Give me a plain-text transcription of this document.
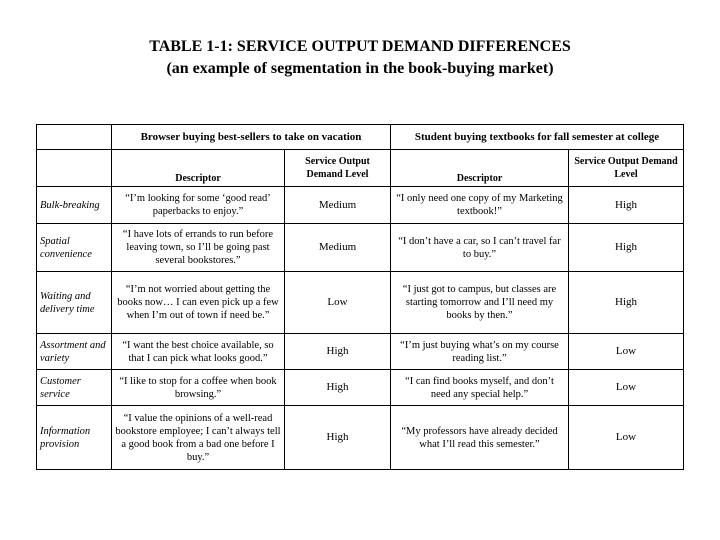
TABLE 1-1: SERVICE OUTPUT DEMAND DIFFERENCES
(an example of segmentation in the book-buying market)
	Browser buying best-sellers to take on vacation		Student buying textbooks for fall semester at college	
	Descriptor	Service Output Demand Level	Descriptor	Service Output Demand Level
Bulk-breaking	“I’m looking for some ‘good read’ paperbacks to enjoy.”	Medium	“I only need one copy of my Marketing textbook!”	High
Spatial convenience	“I have lots of errands to run before leaving town, so I’ll be going past several bookstores.”	Medium	“I don’t have a car, so I can’t travel far to buy.”	High
Waiting and delivery time	“I’m not worried about getting the books now… I can even pick up a few when I’m out of town if need be.”	Low	“I just got to campus, but classes are starting tomorrow and I’ll need my books by then.”	High
Assortment and variety	“I want the best choice available, so that I can pick what looks good.”	High	“I’m just buying what’s on my course reading list.”	Low
Customer service	“I like to stop for a coffee when book browsing.”	High	“I can find books myself, and don’t need any special help.”	Low
Information provision	“I value the opinions of a well-read bookstore employee; I can’t always tell a good book from a bad one before I buy.”	High	“My professors have already decided what I’ll read this semester.”	Low
